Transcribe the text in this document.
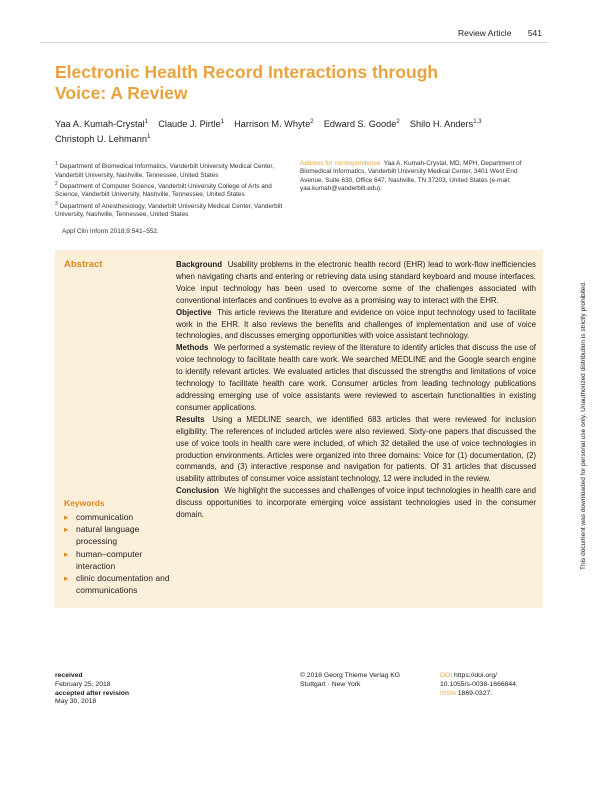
Review Article 541
Electronic Health Record Interactions through Voice: A Review
Yaa A. Kumah-Crystal$^1$ Claude J. Pirtle$^1$ Harrison M. Whyte$^2$ Edward S. Goode$^2$ Shilo H. Anders$^{1,3}$
Christoph U. Lehmann$^1$
$^1$ Department of Biomedical Informatics, Vanderbilt University Medical Center, Vanderbilt University, Nashville, Tennessee, United States
$^2$ Department of Computer Science, Vanderbilt University College of Arts and Science, Vanderbilt University, Nashville, Tennessee, United States
$^3$ Department of Anesthesiology, Vanderbilt University Medical Center, Vanderbilt University, Nashville, Tennessee, United States
Address for correspondence Yaa A. Kumah-Crystal, MD, MPH, Department of Biomedical Informatics, Vanderbilt University Medical Center, 3401 West End Avenue, Suite 630, Office 647, Nashville, TN 37203, United States (e-mail: yaa.kumah@vanderbilt.edu).
Appl Clin Inform 2018;9:541–552.
Abstract
Keywords
▸ communication
▸ natural language processing
▸ human–computer interaction
▸ clinic documentation and communications

Background Usability problems in the electronic health record (EHR) lead to work-flow inefficiencies when navigating charts and entering or retrieving data using standard keyboard and mouse interfaces. Voice input technology has been used to overcome some of the challenges associated with conventional interfaces and continues to evolve as a promising way to interact with the EHR.

Objective This article reviews the literature and evidence on voice input technology used to facilitate work in the EHR. It also reviews the benefits and challenges of implementation and use of voice technologies, and discusses emerging opportunities with voice assistant technology.

Methods We performed a systematic review of the literature to identify articles that discuss the use of voice technology to facilitate health care work. We searched MEDLINE and the Google search engine to identify relevant articles. We evaluated articles that discussed the strengths and limitations of voice technology to facilitate health care work. Consumer articles from leading technology publications addressing emerging use of voice assistants were reviewed to ascertain functionalities in existing consumer applications.

Results Using a MEDLINE search, we identified 683 articles that were reviewed for inclusion eligibility. The references of included articles were also reviewed. Sixty-one papers that discussed the use of voice tools in health care were included, of which 32 detailed the use of voice technologies in production environments. Articles were organized into three domains: Voice for (1) documentation, (2) commands, and (3) interactive response and navigation for patients. Of 31 articles that discussed usability attributes of consumer voice assistant technology, 12 were included in the review.

Conclusion We highlight the successes and challenges of voice input technologies in health care and discuss opportunities to incorporate emerging voice assistant technologies used in the consumer domain.	This document was downloaded for personal use only. Unauthorized distribution is strictly prohibited.
received
February 25, 2018
accepted after revision
May 30, 2018
© 2018 Georg Thieme Verlag KG
Stuttgart · New York
DOI https://doi.org/
10.1055/s-0038-1666844.
ISSN 1869-0327.
